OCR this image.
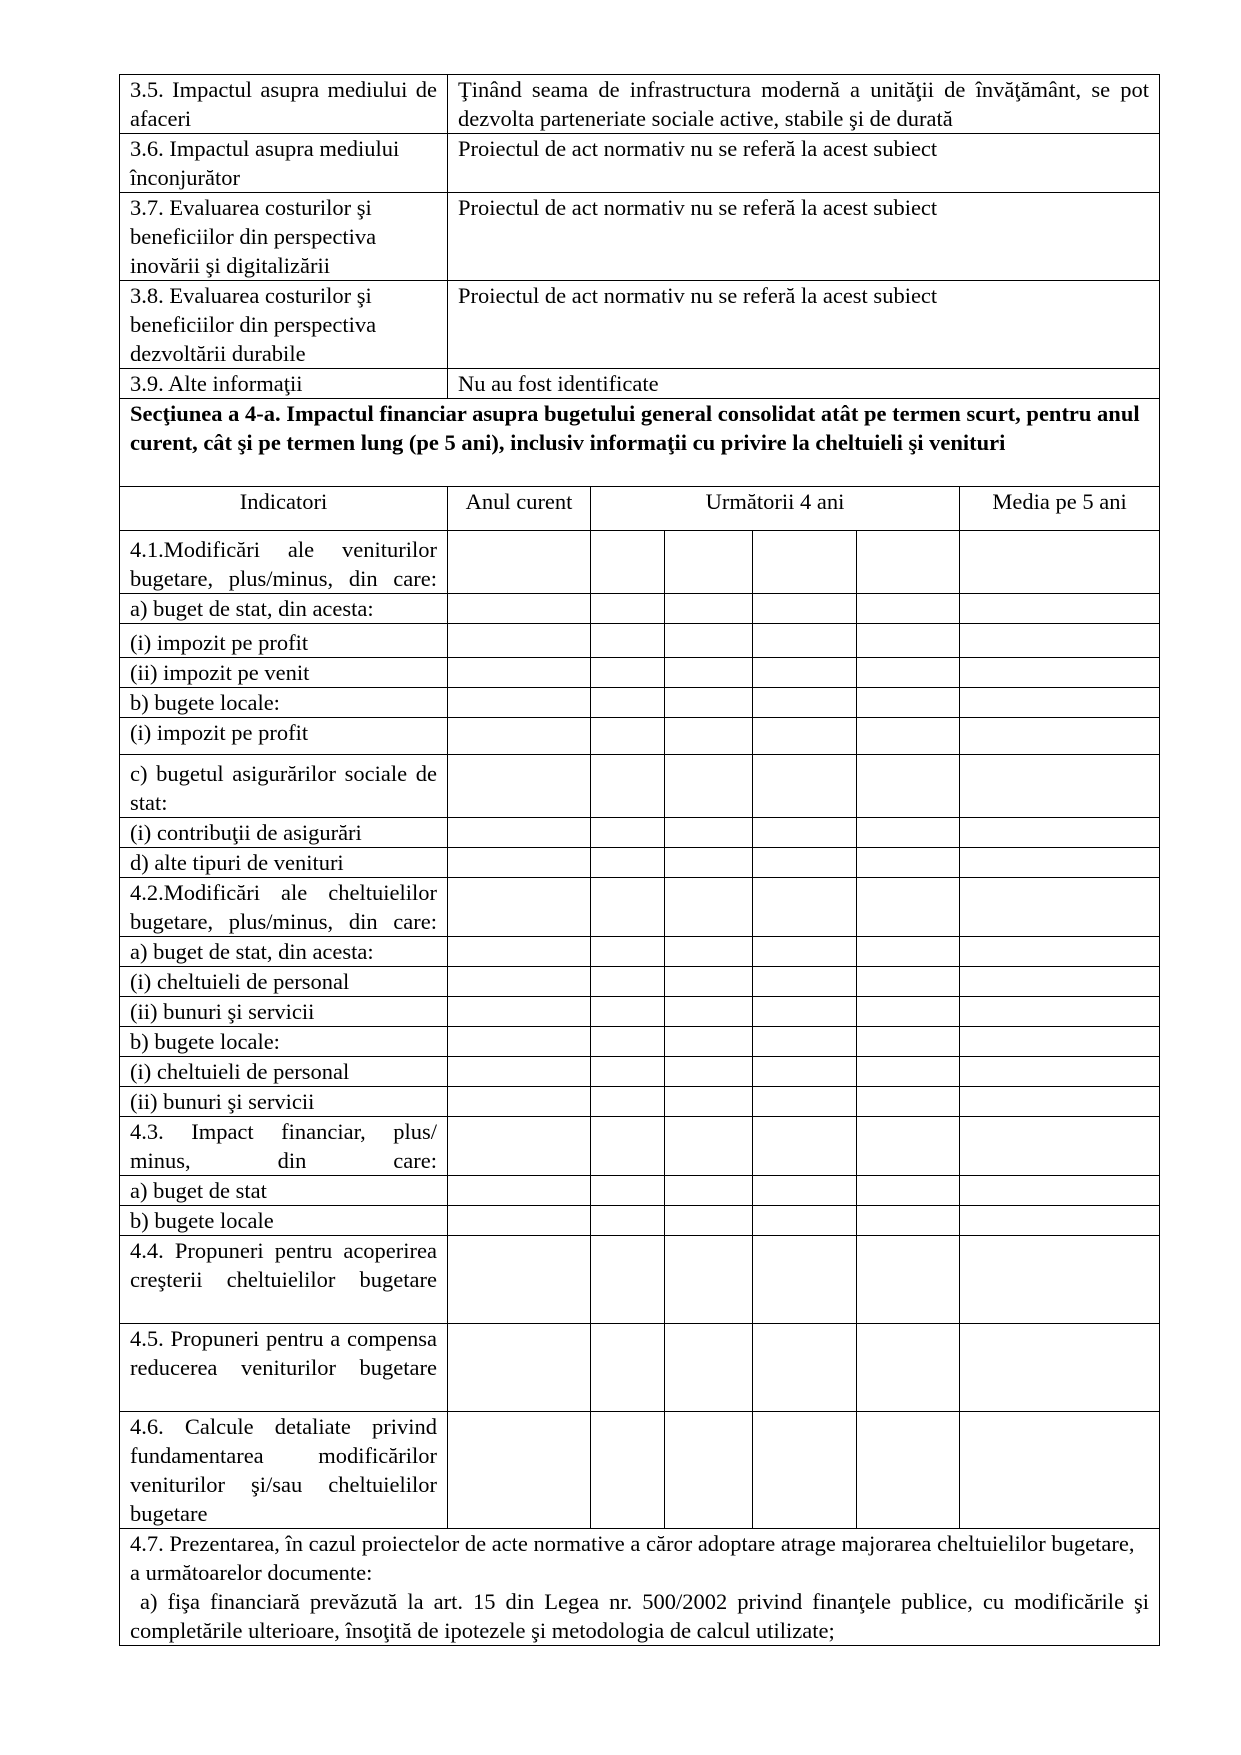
3.5. Impactul asupra mediului de afaceri	Ţinând seama de infrastructura modernă a unităţii de învăţământ, se pot dezvolta parteneriate sociale active, stabile şi de durată					
3.6. Impactul asupra mediului înconjurător	Proiectul de act normativ nu se referă la acest subiect					
3.7. Evaluarea costurilor şi beneficiilor din perspectiva inovării şi digitalizării	Proiectul de act normativ nu se referă la acest subiect					
3.8. Evaluarea costurilor şi beneficiilor din perspectiva dezvoltării durabile	Proiectul de act normativ nu se referă la acest subiect					
3.9. Alte informaţii	Nu au fost identificate					
Secţiunea a 4-a. Impactul financiar asupra bugetului general consolidat atât pe termen scurt, pentru anul curent, cât şi pe termen lung (pe 5 ani), inclusiv informaţii cu privire la cheltuieli şi venituri						
Indicatori	Anul curent	Următorii 4 ani				Media pe 5 ani
4.1.Modificări ale veniturilor bugetare, plus/minus, din care:						
a) buget de stat, din acesta:						
(i) impozit pe profit						
(ii) impozit pe venit						
b) bugete locale:						
(i) impozit pe profit						
c) bugetul asigurărilor sociale de stat:						
(i) contribuţii de asigurări						
d) alte tipuri de venituri						
4.2.Modificări ale cheltuielilor bugetare, plus/minus, din care:						
a) buget de stat, din acesta:						
(i) cheltuieli de personal						
(ii) bunuri şi servicii						
b) bugete locale:						
(i) cheltuieli de personal						
(ii) bunuri şi servicii						
4.3. Impact financiar, plus/ minus, din care:						
a) buget de stat						
b) bugete locale						
4.4. Propuneri pentru acoperirea creşterii cheltuielilor bugetare						
4.5. Propuneri pentru a compensa reducerea veniturilor bugetare						
4.6. Calcule detaliate privind fundamentarea modificărilor veniturilor şi/sau cheltuielilor bugetare						

4.7. Prezentarea, în cazul proiectelor de acte normative a căror adoptare atrage majorarea cheltuielilor bugetare, a următoarelor documente:
a) fişa financiară prevăzută la art. 15 din Legea nr. 500/2002 privind finanţele publice, cu modificările şi completările ulterioare, însoţită de ipotezele şi metodologia de calcul utilizate;						
